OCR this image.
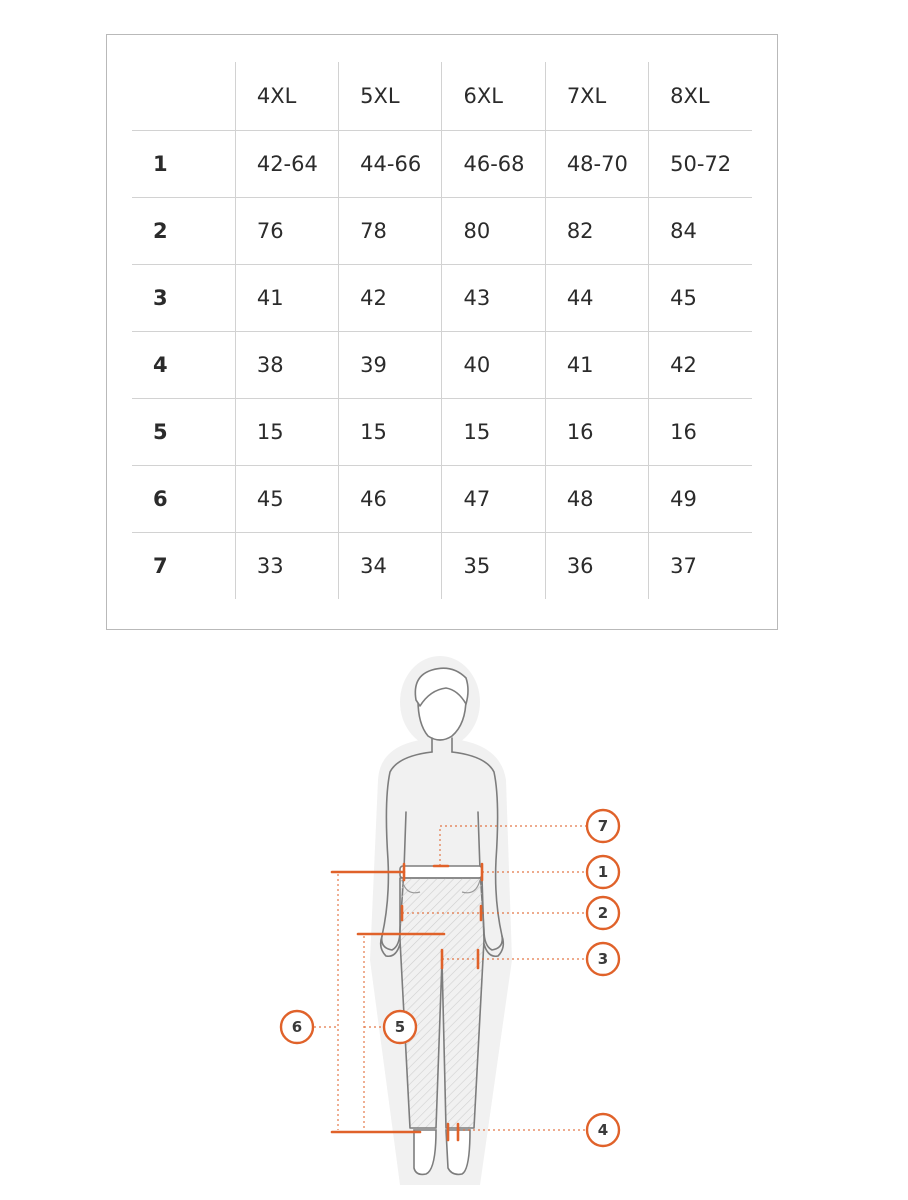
	4XL	5XL	6XL	7XL	8XL
1	42-64	44-66	46-68	48-70	50-72
2	76	78	80	82	84
3	41	42	43	44	45
4	38	39	40	41	42
5	15	15	15	16	16
6	45	46	47	48	49
7	33	34	35	36	37
7
1
2
3
4
6	5
